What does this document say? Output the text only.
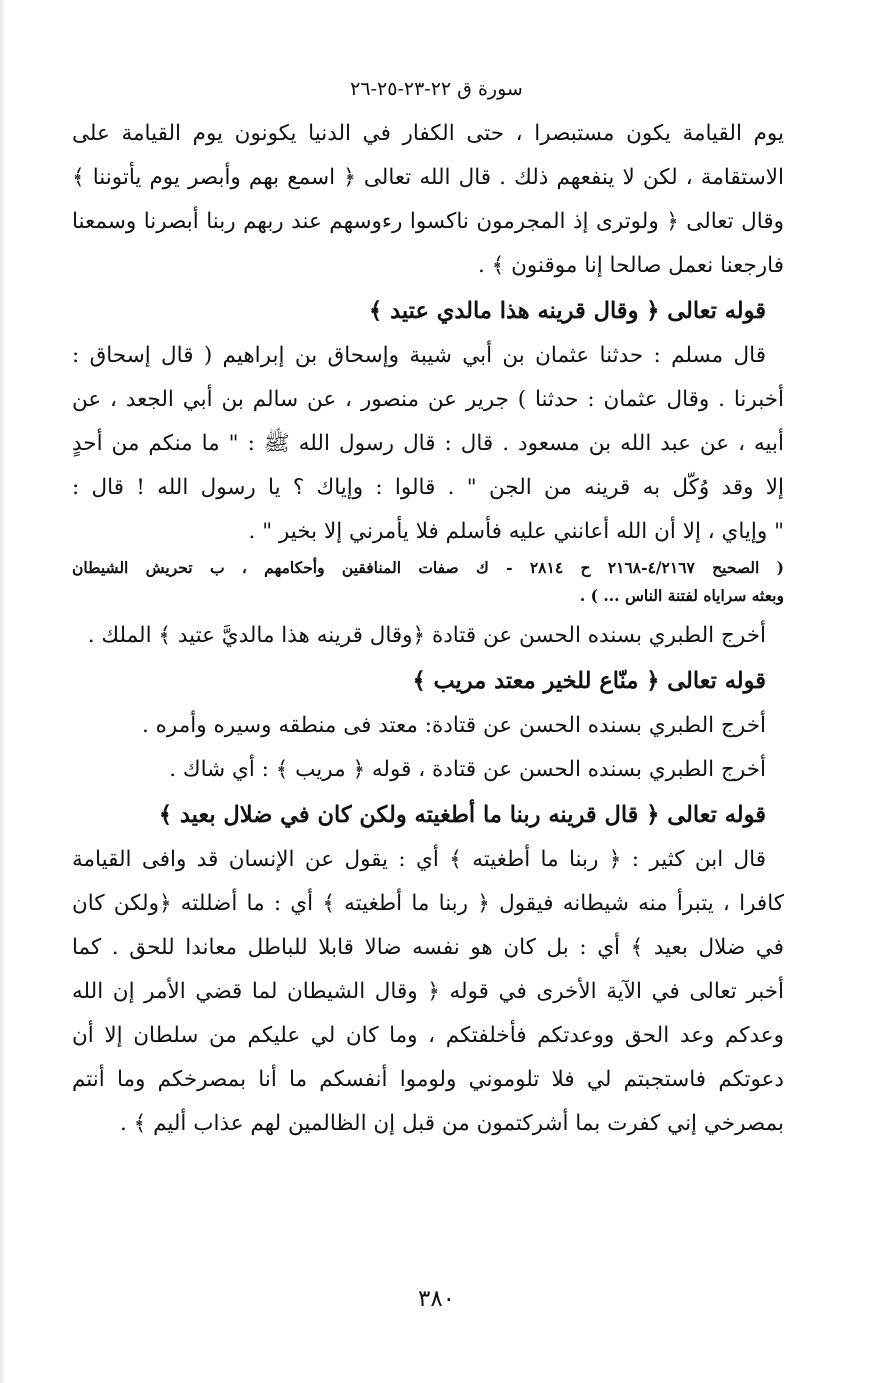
سورة ق ٢٢-٢٣-٢٥-٢٦
يوم القيامة يكون مستبصرا ، حتى الكفار في الدنيا يكونون يوم القيامة على
الاستقامة ، لكن لا ينفعهم ذلك . قال الله تعالى ﴿ اسمع بهم وأبصر يوم يأتوننا ﴾
وقال تعالى ﴿ ولوترى إذ المجرمون ناكسوا رءوسهم عند ربهم ربنا أبصرنا وسمعنا
فارجعنا نعمل صالحا إنا موقنون ﴾ .
قوله تعالى ﴿ وقال قرينه هذا مالدي عتيد ﴾
قال مسلم : حدثنا عثمان بن أبي شيبة وإسحاق بن إبراهيم ( قال إسحاق :
أخبرنا . وقال عثمان : حدثنا ) جرير عن منصور ، عن سالم بن أبي الجعد ، عن
أبيه ، عن عبد الله بن مسعود . قال : قال رسول الله ﷺ : " ما منكم من أحدٍ
إلا وقد وُكّل به قرينه من الجن " . قالوا : وإياك ؟ يا رسول الله ! قال :
" وإياي ، إلا أن الله أعانني عليه فأسلم فلا يأمرني إلا بخير " .
( الصحيح ٤/٢١٦٧-٢١٦٨ ح ٢٨١٤ - ك صفات المنافقين وأحكامهم ، ب تحريش الشيطان
وبعثه سراياه لفتنة الناس ... ) .
أخرج الطبري بسنده الحسن عن قتادة ﴿وقال قرينه هذا مالديَّ عتيد ﴾ الملك .
قوله تعالى ﴿ منّاع للخير معتد مريب ﴾
أخرج الطبري بسنده الحسن عن قتادة: معتد فى منطقه وسيره وأمره .
أخرج الطبري بسنده الحسن عن قتادة ، قوله ﴿ مريب ﴾ : أي شاك .
قوله تعالى ﴿ قال قرينه ربنا ما أطغيته ولكن كان في ضلال بعيد ﴾
قال ابن كثير : ﴿ ربنا ما أطغيته ﴾ أي : يقول عن الإنسان قد وافى القيامة
كافرا ، يتبرأ منه شيطانه فيقول ﴿ ربنا ما أطغيته ﴾ أي : ما أضللته ﴿ولكن كان
في ضلال بعيد ﴾ أي : بل كان هو نفسه ضالا قابلا للباطل معاندا للحق . كما
أخبر تعالى في الآية الأخرى في قوله ﴿ وقال الشيطان لما قضي الأمر إن الله
وعدكم وعد الحق ووعدتكم فأخلفتكم ، وما كان لي عليكم من سلطان إلا أن
دعوتكم فاستجبتم لي فلا تلوموني ولوموا أنفسكم ما أنا بمصرخكم وما أنتم
بمصرخي إني كفرت بما أشركتمون من قبل إن الظالمين لهم عذاب أليم ﴾ .
٣٨٠
